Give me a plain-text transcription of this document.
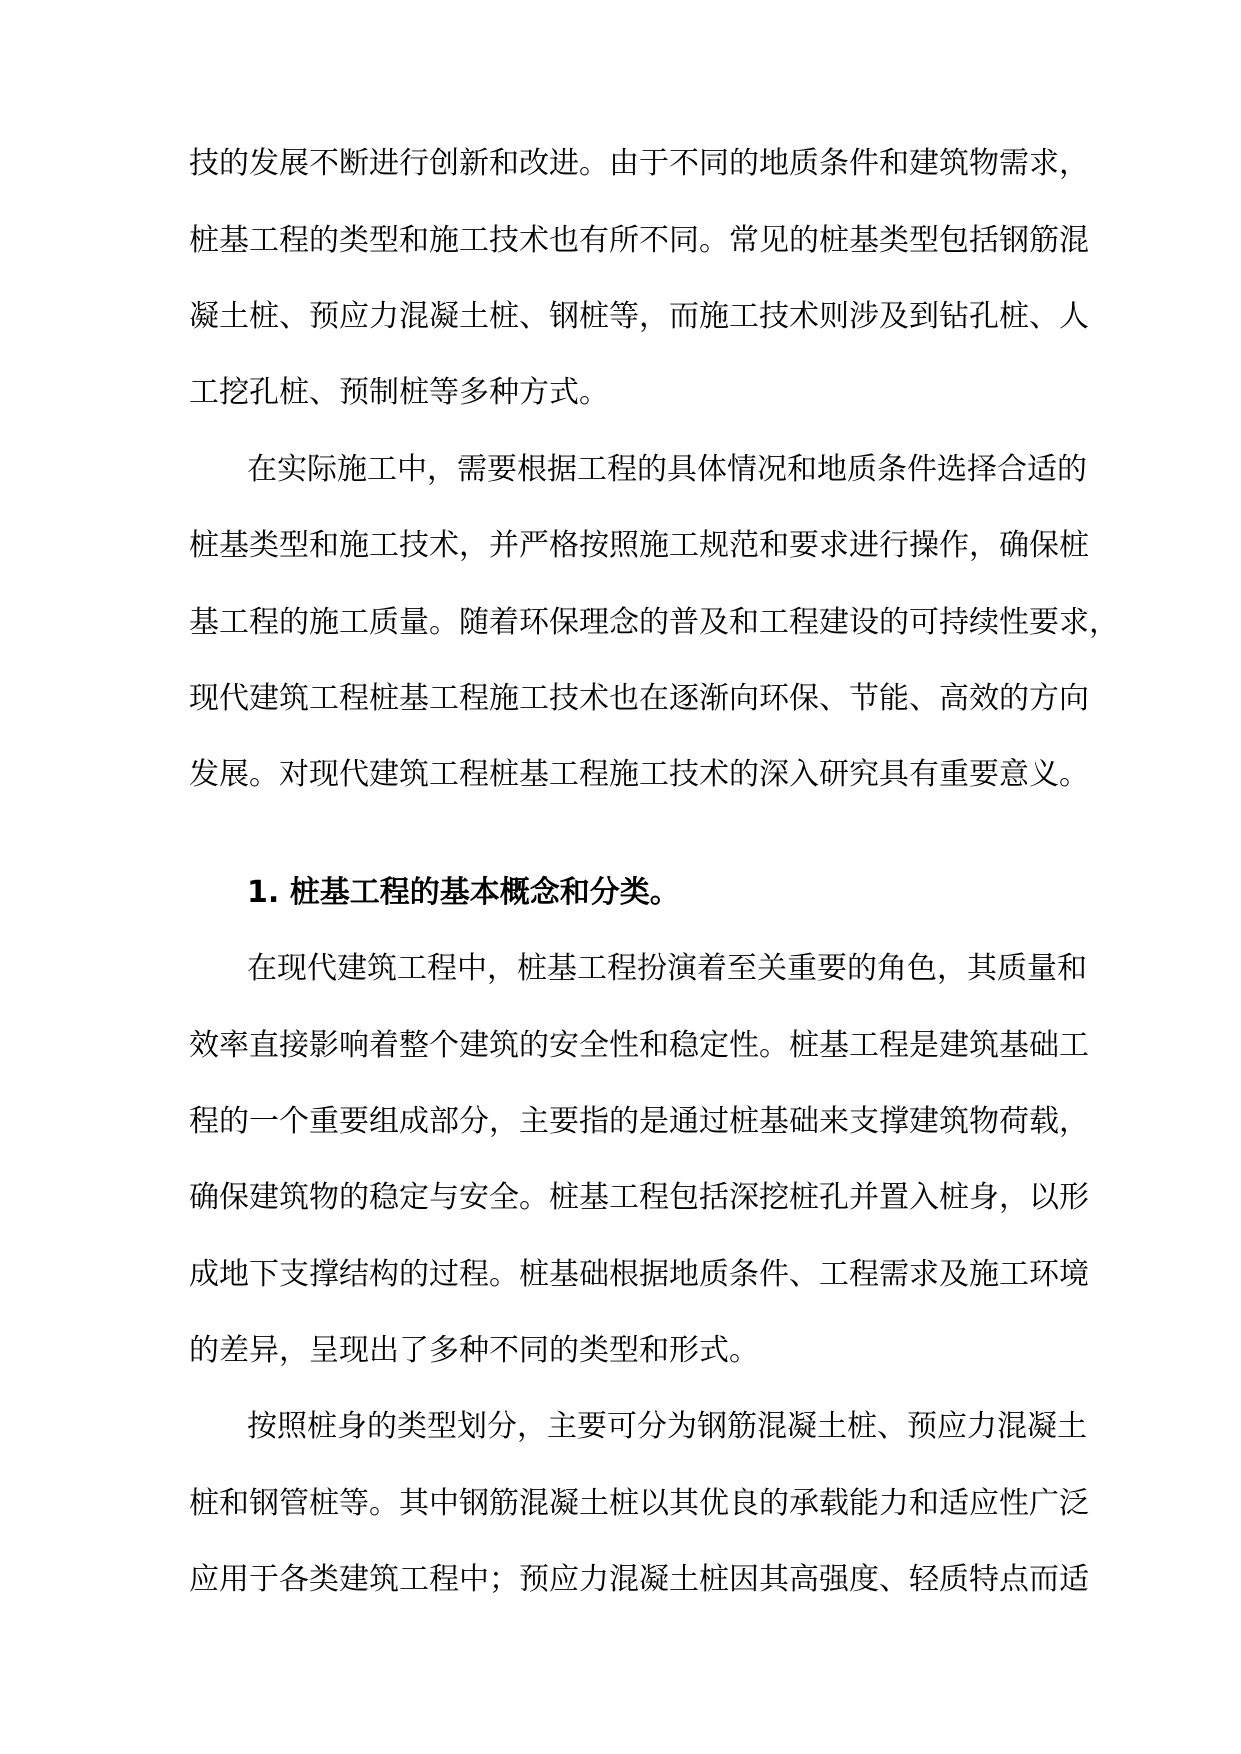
技的发展不断进行创新和改进。由于不同的地质条件和建筑物需求，

桩基工程的类型和施工技术也有所不同。常见的桩基类型包括钢筋混

凝土桩、预应力混凝土桩、钢桩等，而施工技术则涉及到钻孔桩、人

工挖孔桩、预制桩等多种方式。

在实际施工中，需要根据工程的具体情况和地质条件选择合适的

桩基类型和施工技术，并严格按照施工规范和要求进行操作，确保桩

基工程的施工质量。随着环保理念的普及和工程建设的可持续性要求，

现代建筑工程桩基工程施工技术也在逐渐向环保、节能、高效的方向

发展。对现代建筑工程桩基工程施工技术的深入研究具有重要意义。

1. 桩基工程的基本概念和分类。

在现代建筑工程中，桩基工程扮演着至关重要的角色，其质量和

效率直接影响着整个建筑的安全性和稳定性。桩基工程是建筑基础工

程的一个重要组成部分，主要指的是通过桩基础来支撑建筑物荷载，

确保建筑物的稳定与安全。桩基工程包括深挖桩孔并置入桩身，以形

成地下支撑结构的过程。桩基础根据地质条件、工程需求及施工环境

的差异，呈现出了多种不同的类型和形式。

按照桩身的类型划分，主要可分为钢筋混凝土桩、预应力混凝土

桩和钢管桩等。其中钢筋混凝土桩以其优良的承载能力和适应性广泛

应用于各类建筑工程中；预应力混凝土桩因其高强度、轻质特点而适
